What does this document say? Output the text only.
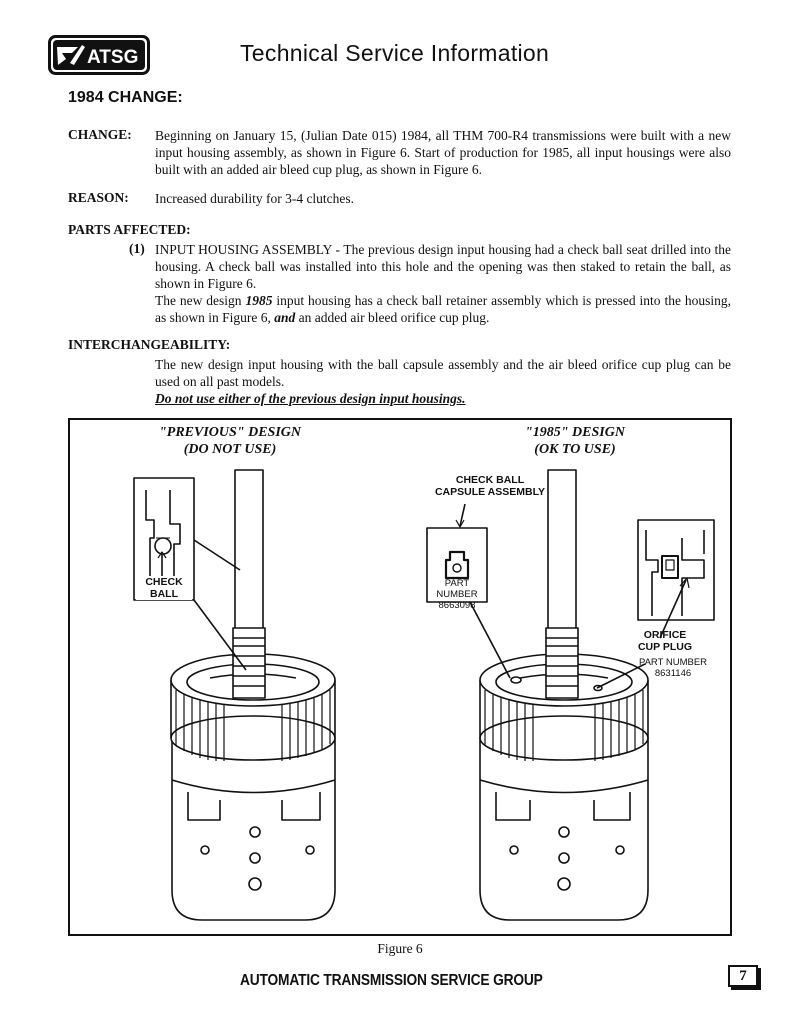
ATSG	Technical Service Information
1984 CHANGE:
CHANGE: Beginning on January 15, (Julian Date 015) 1984, all THM 700-R4 transmissions were built with a new input housing assembly, as shown in Figure 6. Start of production for 1985, all input housings were also built with an added air bleed cup plug, as shown in Figure 6.
REASON: Increased durability for 3-4 clutches.
PARTS AFFECTED:
(1) INPUT HOUSING ASSEMBLY - The previous design input housing had a check ball seat drilled into the housing. A check ball was installed into this hole and the opening was then staked to retain the ball, as shown in Figure 6.
The new design 1985 input housing has a check ball retainer assembly which is pressed into the housing, as shown in Figure 6, and an added air bleed orifice cup plug.
INTERCHANGEABILITY:
The new design input housing with the ball capsule assembly and the air bleed orifice cup plug can be used on all past models.
Do not use either of the previous design input housings.
"PREVIOUS" DESIGN
(DO NOT USE)
"1985" DESIGN
(OK TO USE)
CHECK
BALL
CHECK BALL
CAPSULE ASSEMBLY
PART NUMBER
8663098
ORIFICE
CUP PLUG
PART NUMBER
8631146
Figure 6
AUTOMATIC TRANSMISSION SERVICE GROUP	7
